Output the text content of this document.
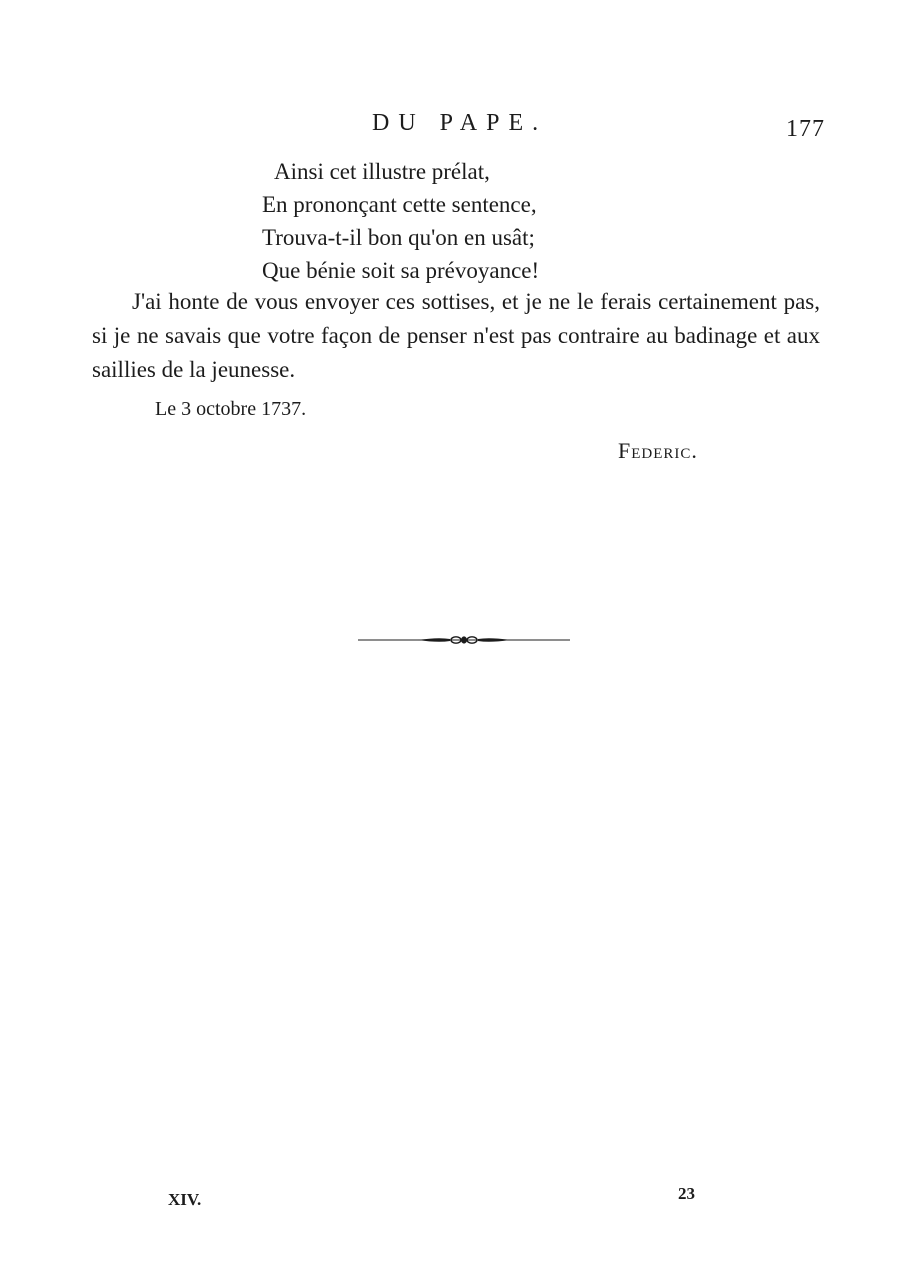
DU PAPE.	177
Ainsi cet illustre prélat,
En prononçant cette sentence,
Trouva-t-il bon qu'on en usât;
Que bénie soit sa prévoyance!

J'ai honte de vous envoyer ces sottises, et je ne le ferais certainement pas, si je ne savais que votre façon de penser n'est pas contraire au badinage et aux saillies de la jeunesse.

Le 3 octobre 1737.
Federic.
XIV.	23
